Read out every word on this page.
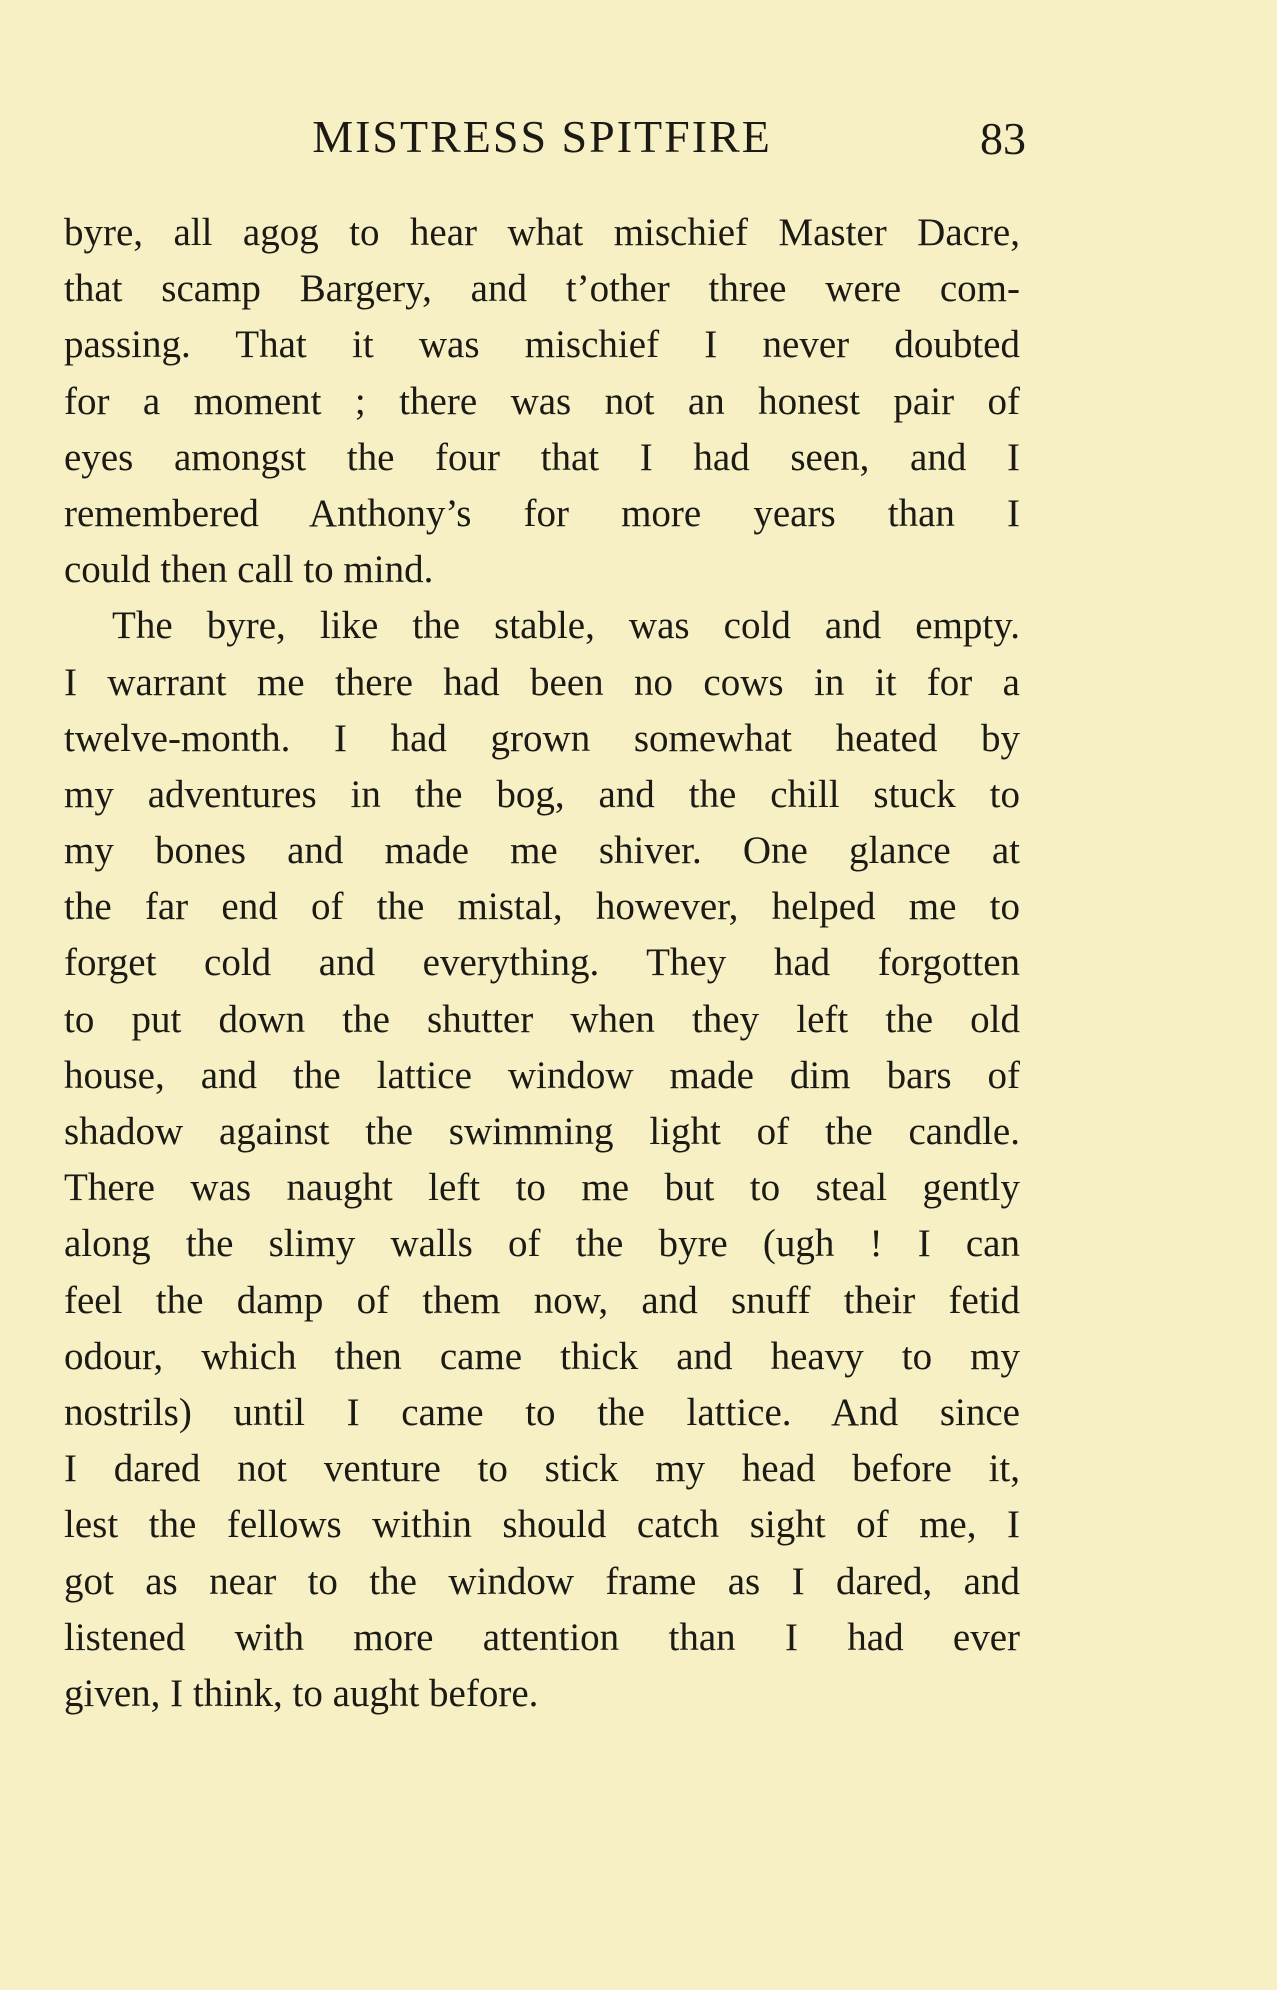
MISTRESS SPITFIRE	83
byre, all agog to hear what mischief Master Dacre,
that scamp Bargery, and t’other three were com-
passing. That it was mischief I never doubted
for a moment ; there was not an honest pair of
eyes amongst the four that I had seen, and I
remembered Anthony’s for more years than I
could then call to mind.
The byre, like the stable, was cold and empty.
I warrant me there had been no cows in it for a
twelve-month. I had grown somewhat heated by
my adventures in the bog, and the chill stuck to
my bones and made me shiver. One glance at
the far end of the mistal, however, helped me to
forget cold and everything. They had forgotten
to put down the shutter when they left the old
house, and the lattice window made dim bars of
shadow against the swimming light of the candle.
There was naught left to me but to steal gently
along the slimy walls of the byre (ugh ! I can
feel the damp of them now, and snuff their fetid
odour, which then came thick and heavy to my
nostrils) until I came to the lattice. And since
I dared not venture to stick my head before it,
lest the fellows within should catch sight of me, I
got as near to the window frame as I dared, and
listened with more attention than I had ever
given, I think, to aught before.
